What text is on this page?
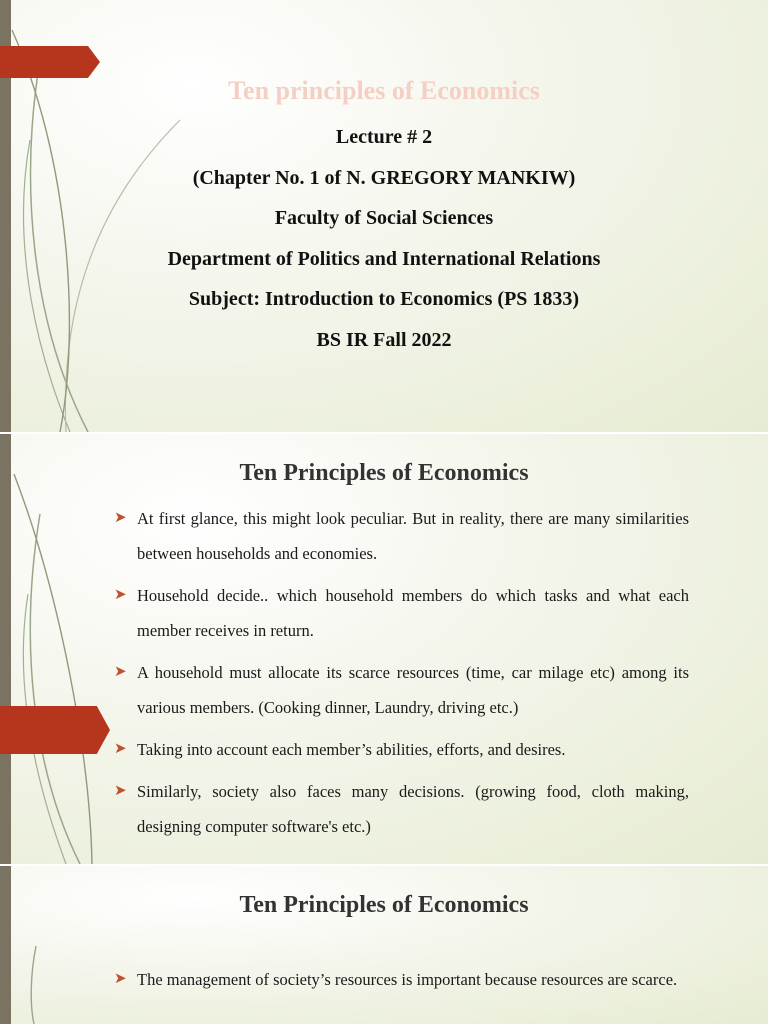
Ten principles of Economics
Lecture # 2
(Chapter No. 1 of N. GREGORY MANKIW)
Faculty of Social Sciences
Department of Politics and International Relations
Subject: Introduction to Economics (PS 1833)
BS IR Fall 2022
Ten Principles of Economics
➤ At first glance, this might look peculiar. But in reality, there are many similarities between households and economies.
➤ Household decide.. which household members do which tasks and what each member receives in return.
➤ A household must allocate its scarce resources (time, car milage etc) among its various members. (Cooking dinner, Laundry, driving etc.)
➤ Taking into account each member’s abilities, efforts, and desires.
➤ Similarly, society also faces many decisions. (growing food, cloth making, designing computer software's etc.)
Ten Principles of Economics
➤ The management of society’s resources is important because resources are scarce.
